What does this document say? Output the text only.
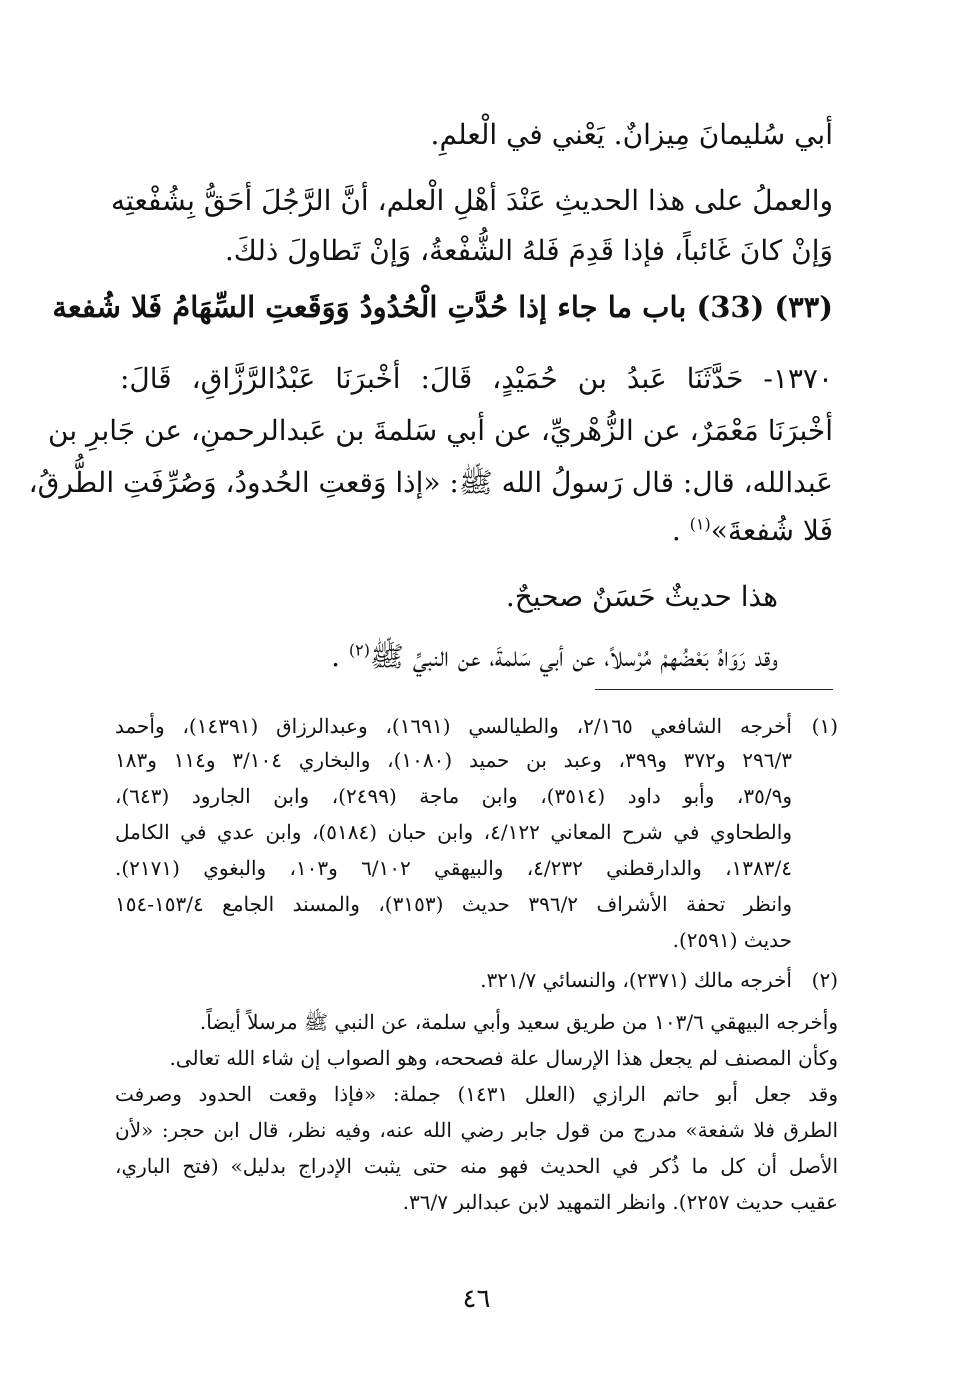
أبي سُليمانَ مِيزانٌ. يَعْني في الْعلمِ.
والعملُ على هذا الحديثِ عَنْدَ أهْلِ الْعلم، أنَّ الرَّجُلَ أحَقُّ بِشُفْعتِه
وَإنْ كانَ غَائباً، فإذا قَدِمَ فَلهُ الشُّفْعةُ، وَإنْ تَطاولَ ذلكَ.
(٣٣) (33) باب ما جاء إذا حُدَّتِ الْحُدُودُ وَوَقَعتِ السِّهَامُ فَلا شُفعة
١٣٧٠- حَدَّثَنَا عَبدُ بن حُمَيْدٍ، قَالَ: أخْبرَنَا عَبْدُالرَّزَّاقِ، قَالَ:
أخْبرَنَا مَعْمَرٌ، عن الزُّهْريِّ، عن أبي سَلمةَ بن عَبدالرحمنِ، عن جَابرِ بن
عَبدالله، قال: قال رَسولُ الله ﷺ: «إذا وَقعتِ الحُدودُ، وَصُرِّفَتِ الطُّرقُ،
فَلا شُفعةَ»$^{(١)}$ .
هذا حديثٌ حَسَنٌ صحيحٌ.
وقد رَوَاهُ بَعْضُهمْ مُرْسلاً، عن أبي سَلمةَ، عن النبيِّ ﷺ$^{(٢)}$ .
(١)
أخرجه الشافعي ٢/١٦٥، والطيالسي (١٦٩١)، وعبدالرزاق (١٤٣٩١)، وأحمد
٢٩٦/٣ و٣٧٢ و٣٩٩، وعبد بن حميد (١٠٨٠)، والبخاري ٣/١٠٤ و١١٤ و١٨٣
و٣٥/٩، وأبو داود (٣٥١٤)، وابن ماجة (٢٤٩٩)، وابن الجارود (٦٤٣)،
والطحاوي في شرح المعاني ٤/١٢٢، وابن حبان (٥١٨٤)، وابن عدي في الكامل
١٣٨٣/٤، والدارقطني ٤/٢٣٢، والبيهقي ٦/١٠٢ و١٠٣، والبغوي (٢١٧١).
وانظر تحفة الأشراف ٣٩٦/٢ حديث (٣١٥٣)، والمسند الجامع ١٥٣/٤-١٥٤
حديث (٢٥٩١).
(٢)
أخرجه مالك (٢٣٧١)، والنسائي ٣٢١/٧.
وأخرجه البيهقي ١٠٣/٦ من طريق سعيد وأبي سلمة، عن النبي ﷺ مرسلاً أيضاً.
وكأن المصنف لم يجعل هذا الإرسال علة فصححه، وهو الصواب إن شاء الله تعالى.
وقد جعل أبو حاتم الرازي (العلل ١٤٣١) جملة: «فإذا وقعت الحدود وصرفت
الطرق فلا شفعة» مدرج من قول جابر رضي الله عنه، وفيه نظر، قال ابن حجر: «لأن
الأصل أن كل ما ذُكر في الحديث فهو منه حتى يثبت الإدراج بدليل» (فتح الباري،
عقيب حديث ٢٢٥٧). وانظر التمهيد لابن عبدالبر ٣٦/٧.
٤٦
